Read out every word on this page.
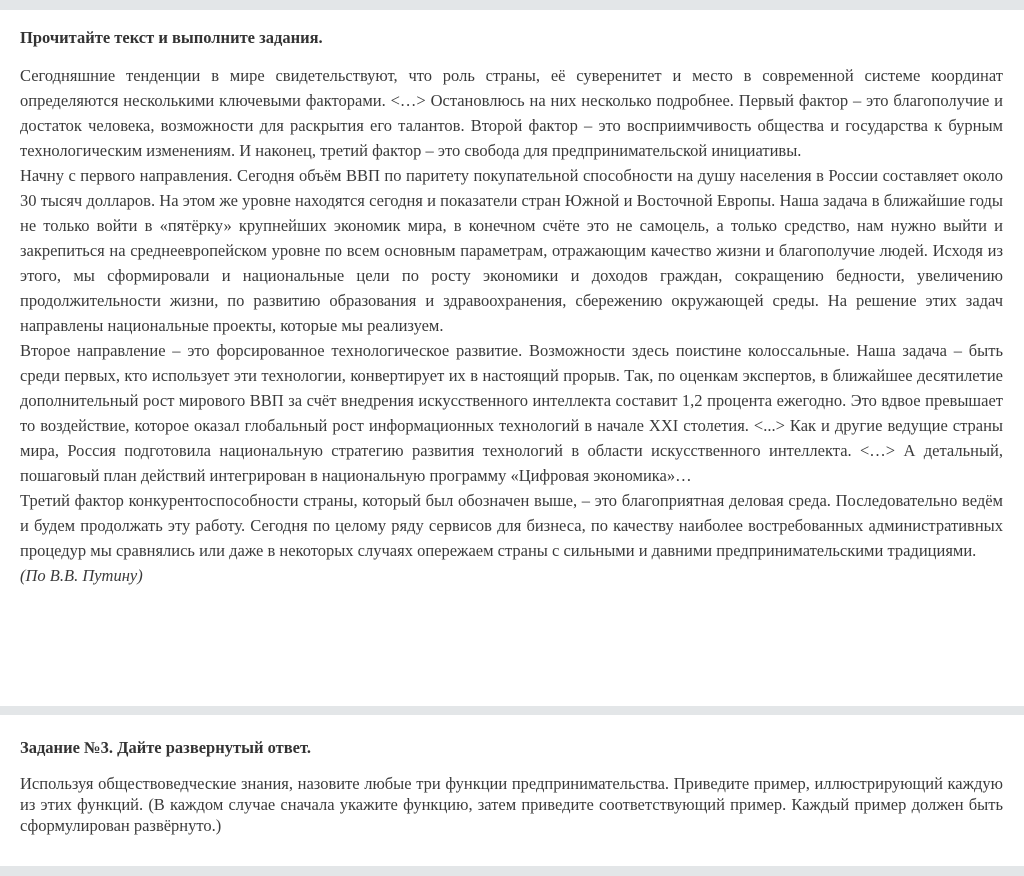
Прочитайте текст и выполните задания.

Сегодняшние тенденции в мире свидетельствуют, что роль страны, её суверенитет и место в современной системе координат определяются несколькими ключевыми факторами. <…> Остановлюсь на них несколько подробнее. Первый фактор – это благополучие и достаток человека, возможности для раскрытия его талантов. Второй фактор – это восприимчивость общества и государства к бурным технологическим изменениям. И наконец, третий фактор – это свобода для предпринимательской инициативы.

Начну с первого направления. Сегодня объём ВВП по паритету покупательной способности на душу населения в России составляет около 30 тысяч долларов. На этом же уровне находятся сегодня и показатели стран Южной и Восточной Европы. Наша задача в ближайшие годы не только войти в «пятёрку» крупнейших экономик мира, в конечном счёте это не самоцель, а только средство, нам нужно выйти и закрепиться на среднеевропейском уровне по всем основным параметрам, отражающим качество жизни и благополучие людей. Исходя из этого, мы сформировали и национальные цели по росту экономики и доходов граждан, сокращению бедности, увеличению продолжительности жизни, по развитию образования и здравоохранения, сбережению окружающей среды. На решение этих задач направлены национальные проекты, которые мы реализуем.

Второе направление – это форсированное технологическое развитие. Возможности здесь поистине колоссальные. Наша задача – быть среди первых, кто использует эти технологии, конвертирует их в настоящий прорыв. Так, по оценкам экспертов, в ближайшее десятилетие дополнительный рост мирового ВВП за счёт внедрения искусственного интеллекта составит 1,2 процента ежегодно. Это вдвое превышает то воздействие, которое оказал глобальный рост информационных технологий в начале XXI столетия. <...> Как и другие ведущие страны мира, Россия подготовила национальную стратегию развития технологий в области искусственного интеллекта. <…> А детальный, пошаговый план действий интегрирован в национальную программу «Цифровая экономика»…

Третий фактор конкурентоспособности страны, который был обозначен выше, – это благоприятная деловая среда. Последовательно ведём и будем продолжать эту работу. Сегодня по целому ряду сервисов для бизнеса, по качеству наиболее востребованных административных процедур мы сравнялись или даже в некоторых случаях опережаем страны с сильными и давними предпринимательскими традициями.

(По В.В. Путину)

Задание №3. Дайте развернутый ответ.

Используя обществоведческие знания, назовите любые три функции предпринимательства. Приведите пример, иллюстрирующий каждую из этих функций. (В каждом случае сначала укажите функцию, затем приведите соответствующий пример. Каждый пример должен быть сформулирован развёрнуто.)
